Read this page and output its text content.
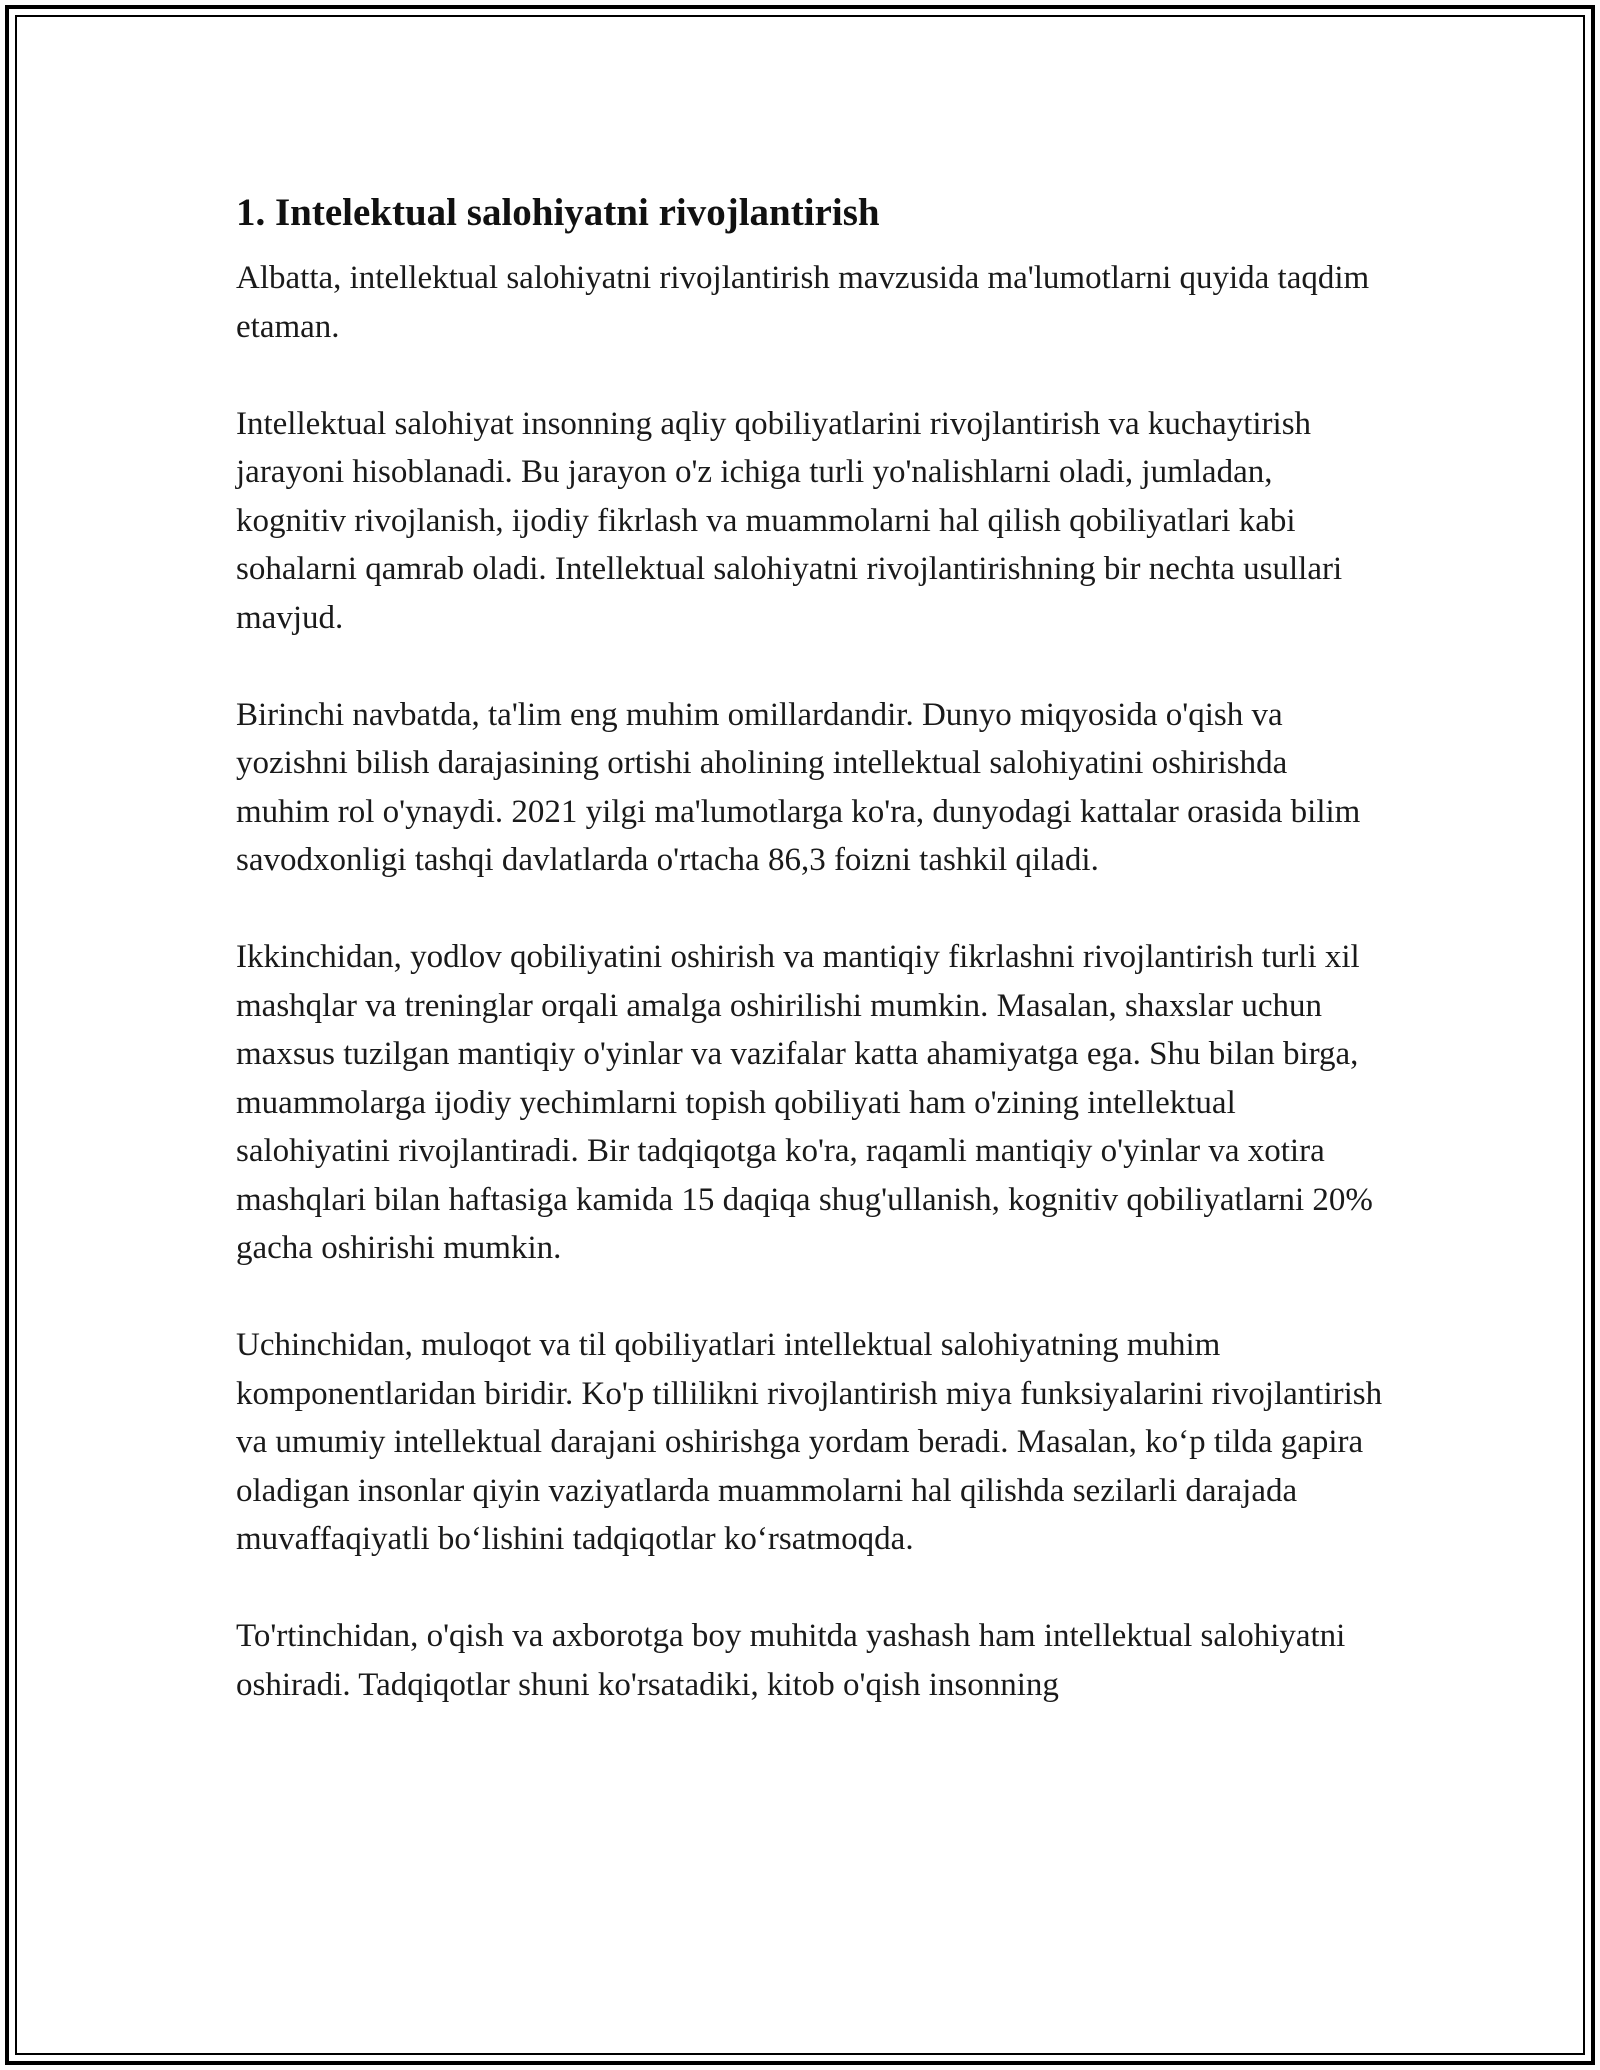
1. Intelektual salohiyatni rivojlantirish

Albatta, intellektual salohiyatni rivojlantirish mavzusida ma'lumotlarni quyida taqdim etaman.

Intellektual salohiyat insonning aqliy qobiliyatlarini rivojlantirish va kuchaytirish jarayoni hisoblanadi. Bu jarayon o'z ichiga turli yo'nalishlarni oladi, jumladan, kognitiv rivojlanish, ijodiy fikrlash va muammolarni hal qilish qobiliyatlari kabi sohalarni qamrab oladi. Intellektual salohiyatni rivojlantirishning bir nechta usullari mavjud.

Birinchi navbatda, ta'lim eng muhim omillardandir. Dunyo miqyosida o'qish va yozishni bilish darajasining ortishi aholining intellektual salohiyatini oshirishda muhim rol o'ynaydi. 2021 yilgi ma'lumotlarga ko'ra, dunyodagi kattalar orasida bilim savodxonligi tashqi davlatlarda o'rtacha 86,3 foizni tashkil qiladi.

Ikkinchidan, yodlov qobiliyatini oshirish va mantiqiy fikrlashni rivojlantirish turli xil mashqlar va treninglar orqali amalga oshirilishi mumkin. Masalan, shaxslar uchun maxsus tuzilgan mantiqiy o'yinlar va vazifalar katta ahamiyatga ega. Shu bilan birga, muammolarga ijodiy yechimlarni topish qobiliyati ham o'zining intellektual salohiyatini rivojlantiradi. Bir tadqiqotga ko'ra, raqamli mantiqiy o'yinlar va xotira mashqlari bilan haftasiga kamida 15 daqiqa shug'ullanish, kognitiv qobiliyatlarni 20% gacha oshirishi mumkin.

Uchinchidan, muloqot va til qobiliyatlari intellektual salohiyatning muhim komponentlaridan biridir. Ko'p tillilikni rivojlantirish miya funksiyalarini rivojlantirish va umumiy intellektual darajani oshirishga yordam beradi. Masalan, ko‘p tilda gapira oladigan insonlar qiyin vaziyatlarda muammolarni hal qilishda sezilarli darajada muvaffaqiyatli bo‘lishini tadqiqotlar ko‘rsatmoqda.

To'rtinchidan, o'qish va axborotga boy muhitda yashash ham intellektual salohiyatni oshiradi. Tadqiqotlar shuni ko'rsatadiki, kitob o'qish insonning
